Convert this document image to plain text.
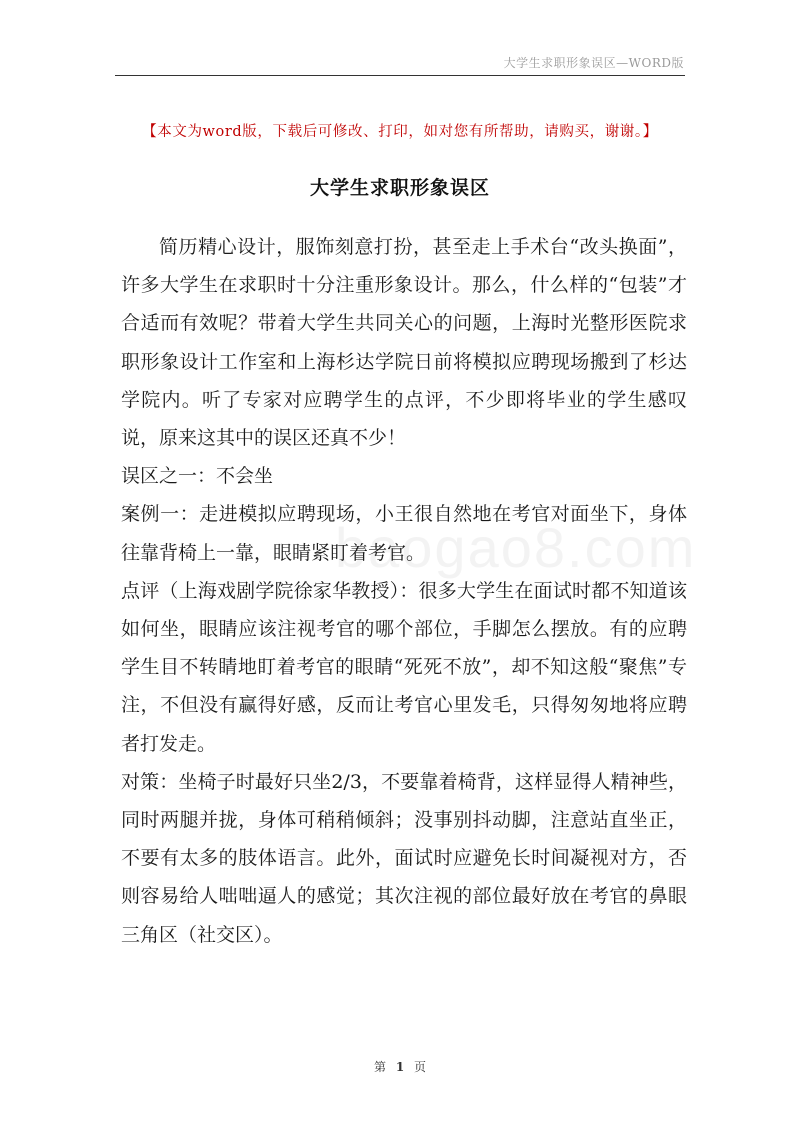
大学生求职形象误区—WORD版
【本文为word版，下载后可修改、打印，如对您有所帮助，请购买，谢谢。】
大学生求职形象误区
baogao8.com

简历精心设计，服饰刻意打扮，甚至走上手术台“改头换面”，许多大学生在求职时十分注重形象设计。那么，什么样的“包装”才合适而有效呢？带着大学生共同关心的问题，上海时光整形医院求职形象设计工作室和上海杉达学院日前将模拟应聘现场搬到了杉达学院内。听了专家对应聘学生的点评，不少即将毕业的学生感叹说，原来这其中的误区还真不少！

误区之一：不会坐

案例一：走进模拟应聘现场，小王很自然地在考官对面坐下，身体往靠背椅上一靠，眼睛紧盯着考官。

点评（上海戏剧学院徐家华教授）：很多大学生在面试时都不知道该如何坐，眼睛应该注视考官的哪个部位，手脚怎么摆放。有的应聘学生目不转睛地盯着考官的眼睛“死死不放”，却不知这般“聚焦”专注，不但没有赢得好感，反而让考官心里发毛，只得匆匆地将应聘者打发走。

对策：坐椅子时最好只坐2/3，不要靠着椅背，这样显得人精神些，同时两腿并拢，身体可稍稍倾斜；没事别抖动脚，注意站直坐正，不要有太多的肢体语言。此外，面试时应避免长时间凝视对方，否则容易给人咄咄逼人的感觉；其次注视的部位最好放在考官的鼻眼三角区（社交区）。

第 1 页
